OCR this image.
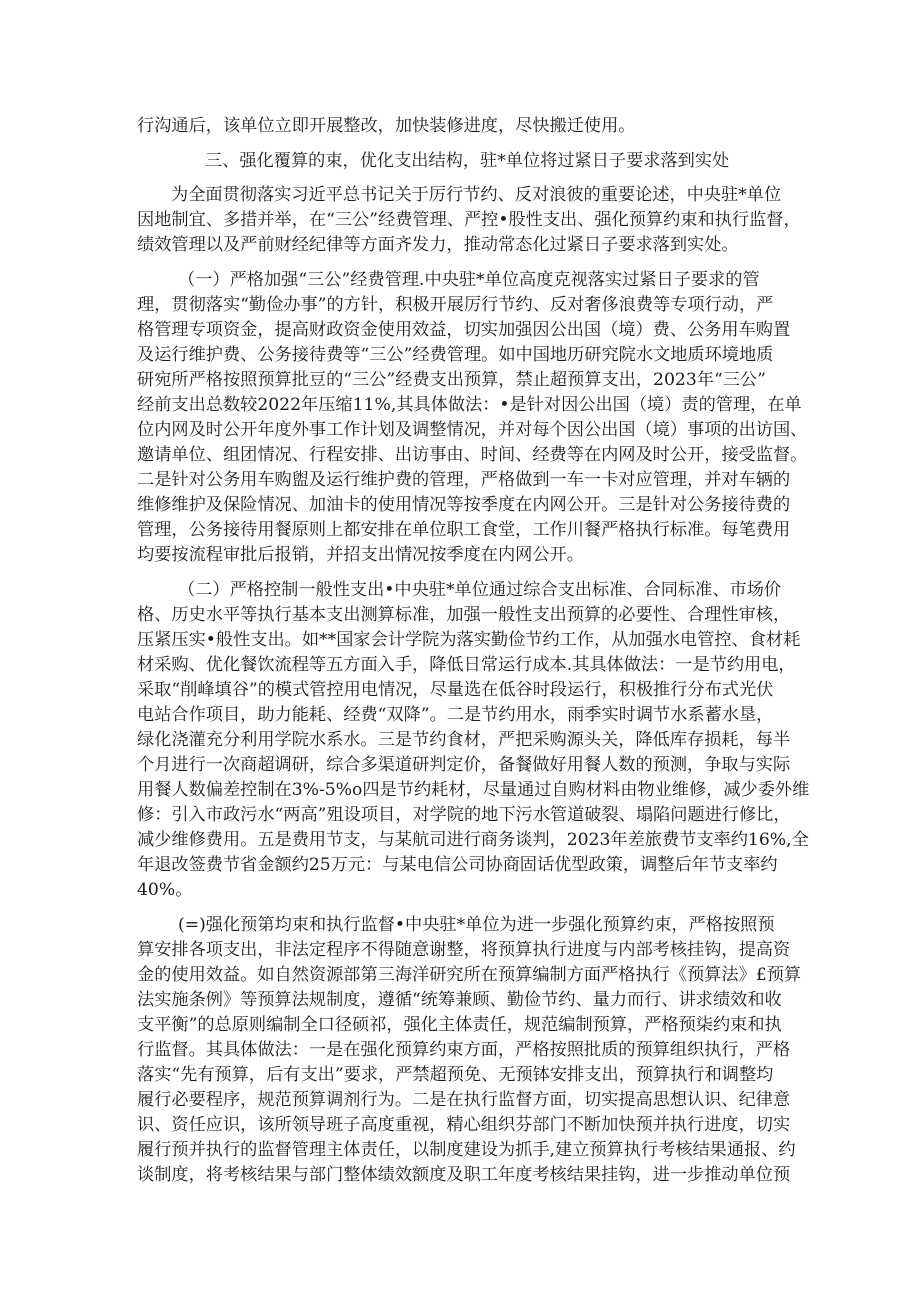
行沟通后，该单位立即开展整改，加快装修进度，尽快搬迁使用。
三、强化覆算的束，优化支出结构，驻*单位将过紧日子要求落到实处
为全面贯彻落实习近平总书记关于厉行节约、反对浪彼的重要论述，中央驻*单位
因地制宜、多措并举，在“三公”经费管理、严控•股性支出、强化预算约束和执行监督，
绩效管理以及严前财经纪律等方面齐发力，推动常态化过紧日子要求落到实处。
（一）严格加强“三公”经费管理.中央驻*单位高度克视落实过紧日子要求的管
理，贯彻落实“勤俭办事”的方针，积极开展厉行节约、反对奢侈浪费等专项行动，严
格管理专项资金，提高财政资金使用效益，切实加强因公出国（境）费、公务用车购置
及运行维护费、公务接待费等“三公”经费管理。如中国地历研究院水文地质环境地质
研宛所严格按照预算批豆的“三公”经费支出预算，禁止超预算支出，2023年“三公”
经前支出总数较2022年压缩11%,其具体做法：•是针对因公出国（境）责的管理，在单
位内网及时公开年度外事工作计划及调整情况，并对每个因公出国（境）事项的出访国、
邀请单位、组团情况、行程安排、出访事由、时间、经费等在内网及时公开，接受监督。
二是针对公务用车购盥及运行维护费的管理，严格做到一车一卡对应管理，并对车辆的
维修维护及保险情况、加油卡的使用情况等按季度在内网公开。三是针对公务接待费的
管理，公务接待用餐原则上都安排在单位职工食堂，工作川餐严格执行标准。每笔费用
均要按流程审批后报销，并招支出情况按季度在内网公开。
（二）严格控制一般性支出•中央驻*单位通过综合支出标准、合同标准、市场价
格、历史水平等执行基本支出测算标准，加强一般性支出预算的必要性、合理性审核，
压紧压实•般性支出。如**国家会计学院为落实勤俭节约工作，从加强水电管控、食材耗
材采购、优化餐饮流程等五方面入手，降低日常运行成本.其具体做法：一是节约用电，
采取“削峰填谷”的模式管控用电情况，尽量选在低谷时段运行，积极推行分布式光伏
电站合作项目，助力能耗、经费“双降”。二是节约用水，雨季实时调节水系蓄水垦，
绿化浇灌充分利用学院水系水。三是节约食材，严把采购源头关，降低库存损耗，每半
个月进行一次商超调研，综合多渠道研判定价，备餐做好用餐人数的预测，争取与实际
用餐人数偏差控制在3%-5%o四是节约耗材，尽量通过自购材料由物业维修，减少委外维
修：引入市政污水“两高”殂设项目，对学院的地下污水管道破裂、塌陷问题进行修比，
减少维修费用。五是费用节支，与某航司进行商务谈判，2023年差旅费节支率约16%,全
年退改签费节省金额约25万元：与某电信公司协商固话优型政策，调整后年节支率约
40%。
(=)强化预第均束和执行监督•中央驻*单位为进一步强化预算约束，严格按照预
算安排各项支出，非法定程序不得随意谢整，将预算执行进度与内部考核挂钩，提高资
金的使用效益。如自然资源部第三海洋研究所在预算编制方面严格执行《预算法》£预算
法实施条例》等预算法规制度，遵循“统筹兼顾、勤俭节约、量力而行、讲求绩效和收
支平衡”的总原则编制全口径硕祁，强化主体责任，规范编制预算，严格预柒约束和执
行监督。其具体做法：一是在强化预算约束方面，严格按照批质的预算组织执行，严格
落实“先有预算，后有支出”要求，严禁超预免、无预钵安排支出，预算执行和调整均
履行必要程序，规范预算调剂行为。二是在执行监督方面，切实提高思想认识、纪律意
识、资任应识，该所领导班子高度重视，精心组织芬部门不断加快预并执行进度，切实
履行预并执行的监督管理主体责任，以制度建设为抓手,建立预算执行考核结果通报、约
谈制度，将考核结果与部门整体绩效额度及职工年度考核结果挂钩，进一步推动单位预
